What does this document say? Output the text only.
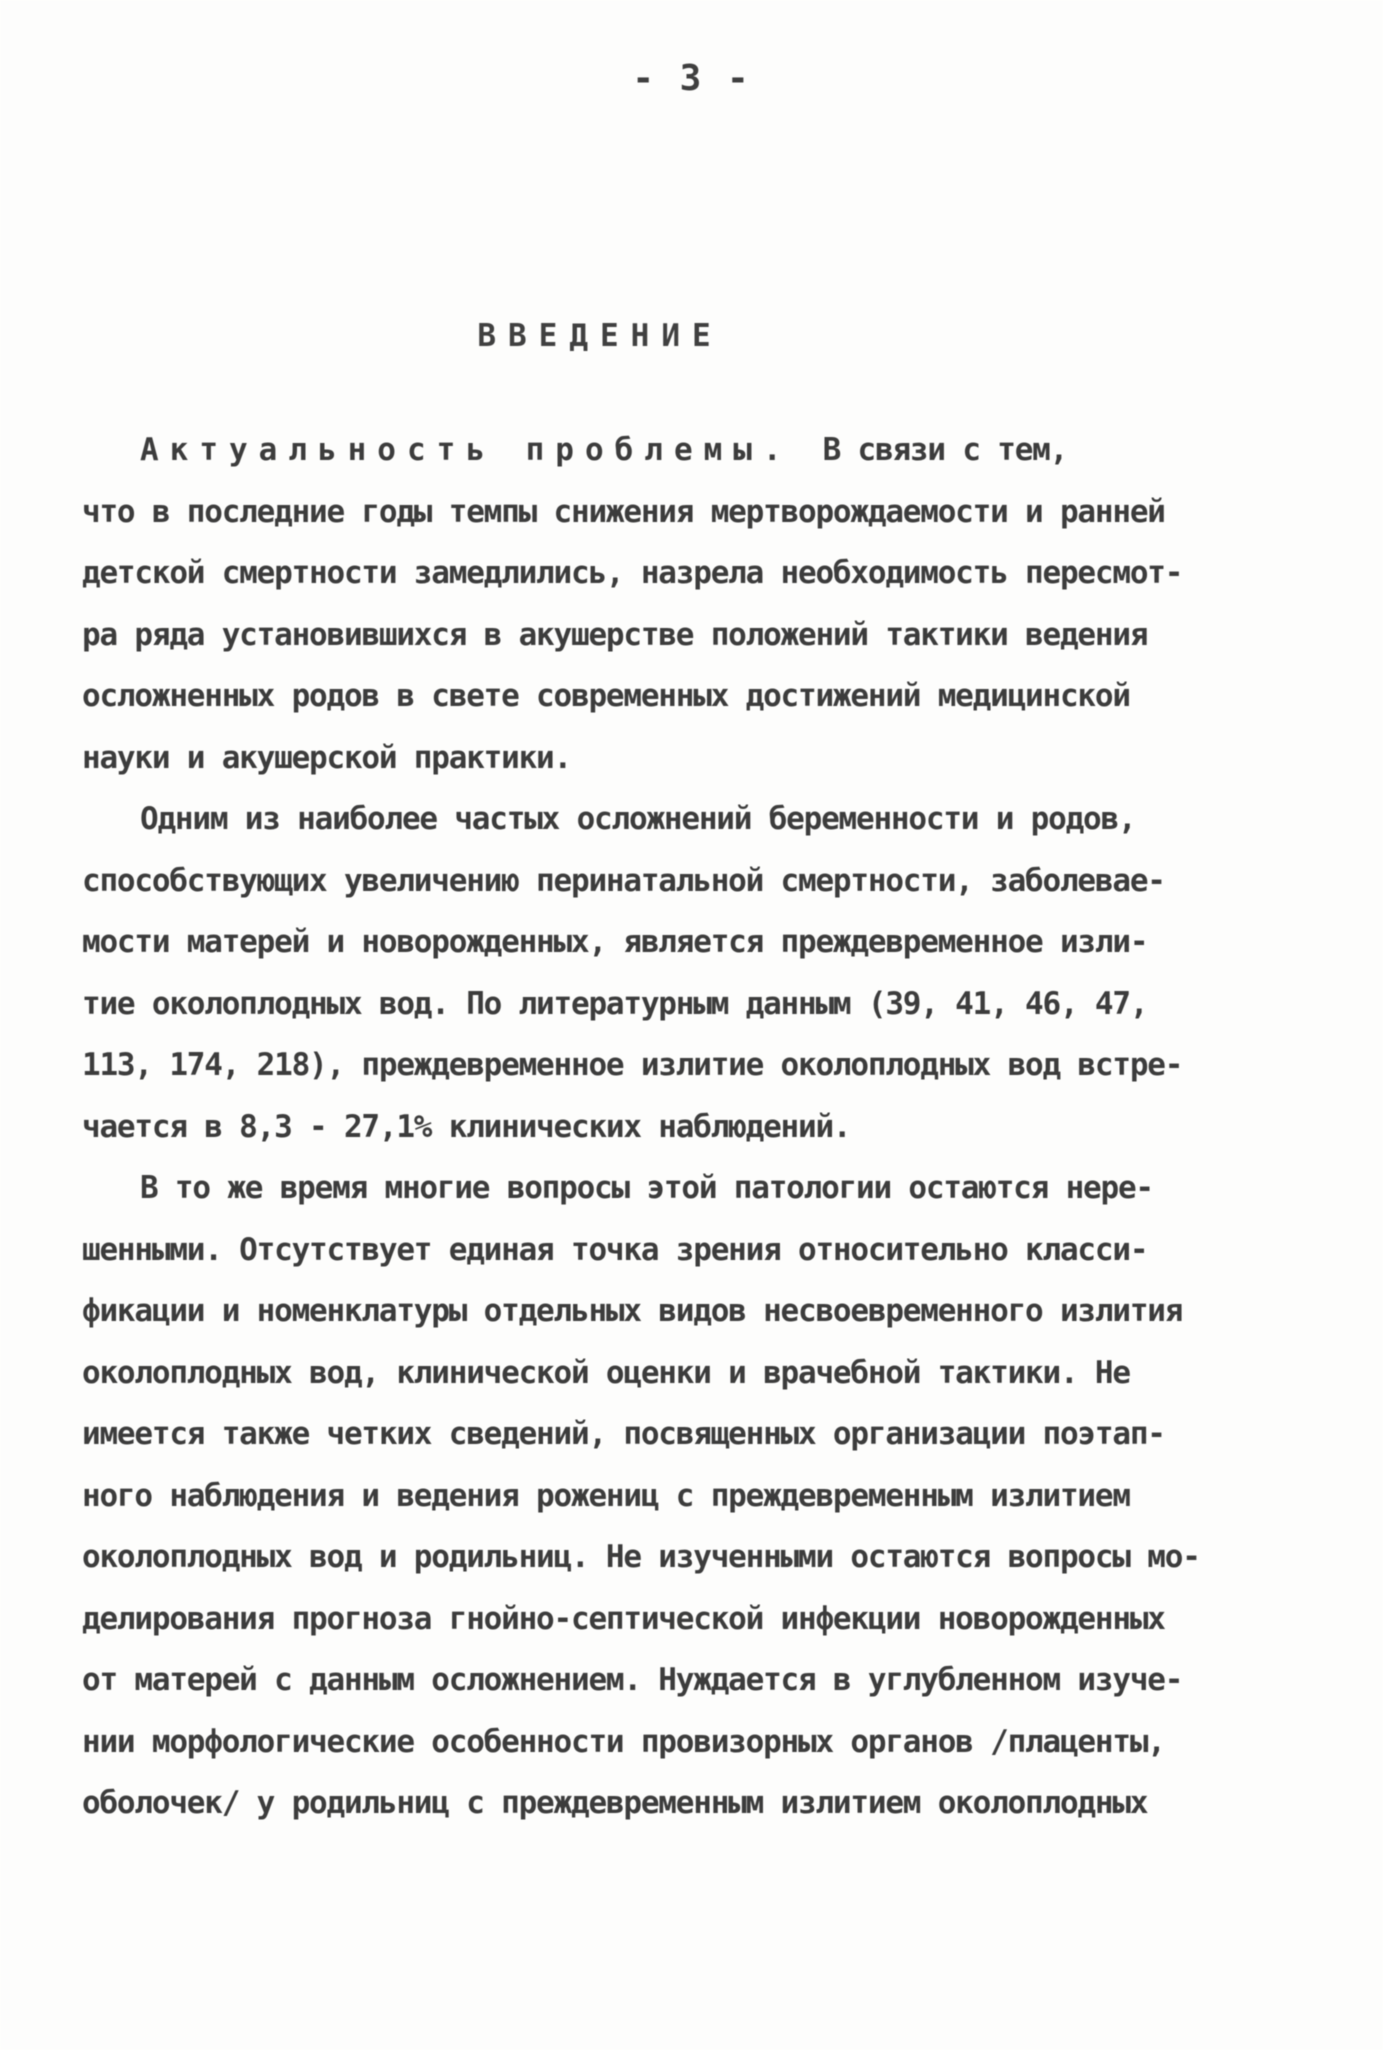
- 3 -
ВВЕДЕНИЕ
Актуальность проблемы. В связи с тем,
что в последние годы темпы снижения мертворождаемости и ранней
детской смертности замедлились, назрела необходимость пересмот-
ра ряда установившихся в акушерстве положений тактики ведения
осложненных родов в свете современных достижений медицинской
науки и акушерской практики.
Одним из наиболее частых осложнений беременности и родов,
способствующих увеличению перинатальной смертности, заболевае-
мости матерей и новорожденных, является преждевременное изли-
тие околоплодных вод. По литературным данным (39, 41, 46, 47,
113, 174, 218), преждевременное излитие околоплодных вод встре-
чается в 8,3 - 27,1% клинических наблюдений.
В то же время многие вопросы этой патологии остаются нере-
шенными. Отсутствует единая точка зрения относительно класси-
фикации и номенклатуры отдельных видов несвоевременного излития
околоплодных вод, клинической оценки и врачебной тактики. Не
имеется также четких сведений, посвященных организации поэтап-
ного наблюдения и ведения рожениц с преждевременным излитием
околоплодных вод и родильниц. Не изученными остаются вопросы мо-
делирования прогноза гнойно-септической инфекции новорожденных
от матерей с данным осложнением. Нуждается в углубленном изуче-
нии морфологические особенности провизорных органов /плаценты,
оболочек/ у родильниц с преждевременным излитием околоплодных
